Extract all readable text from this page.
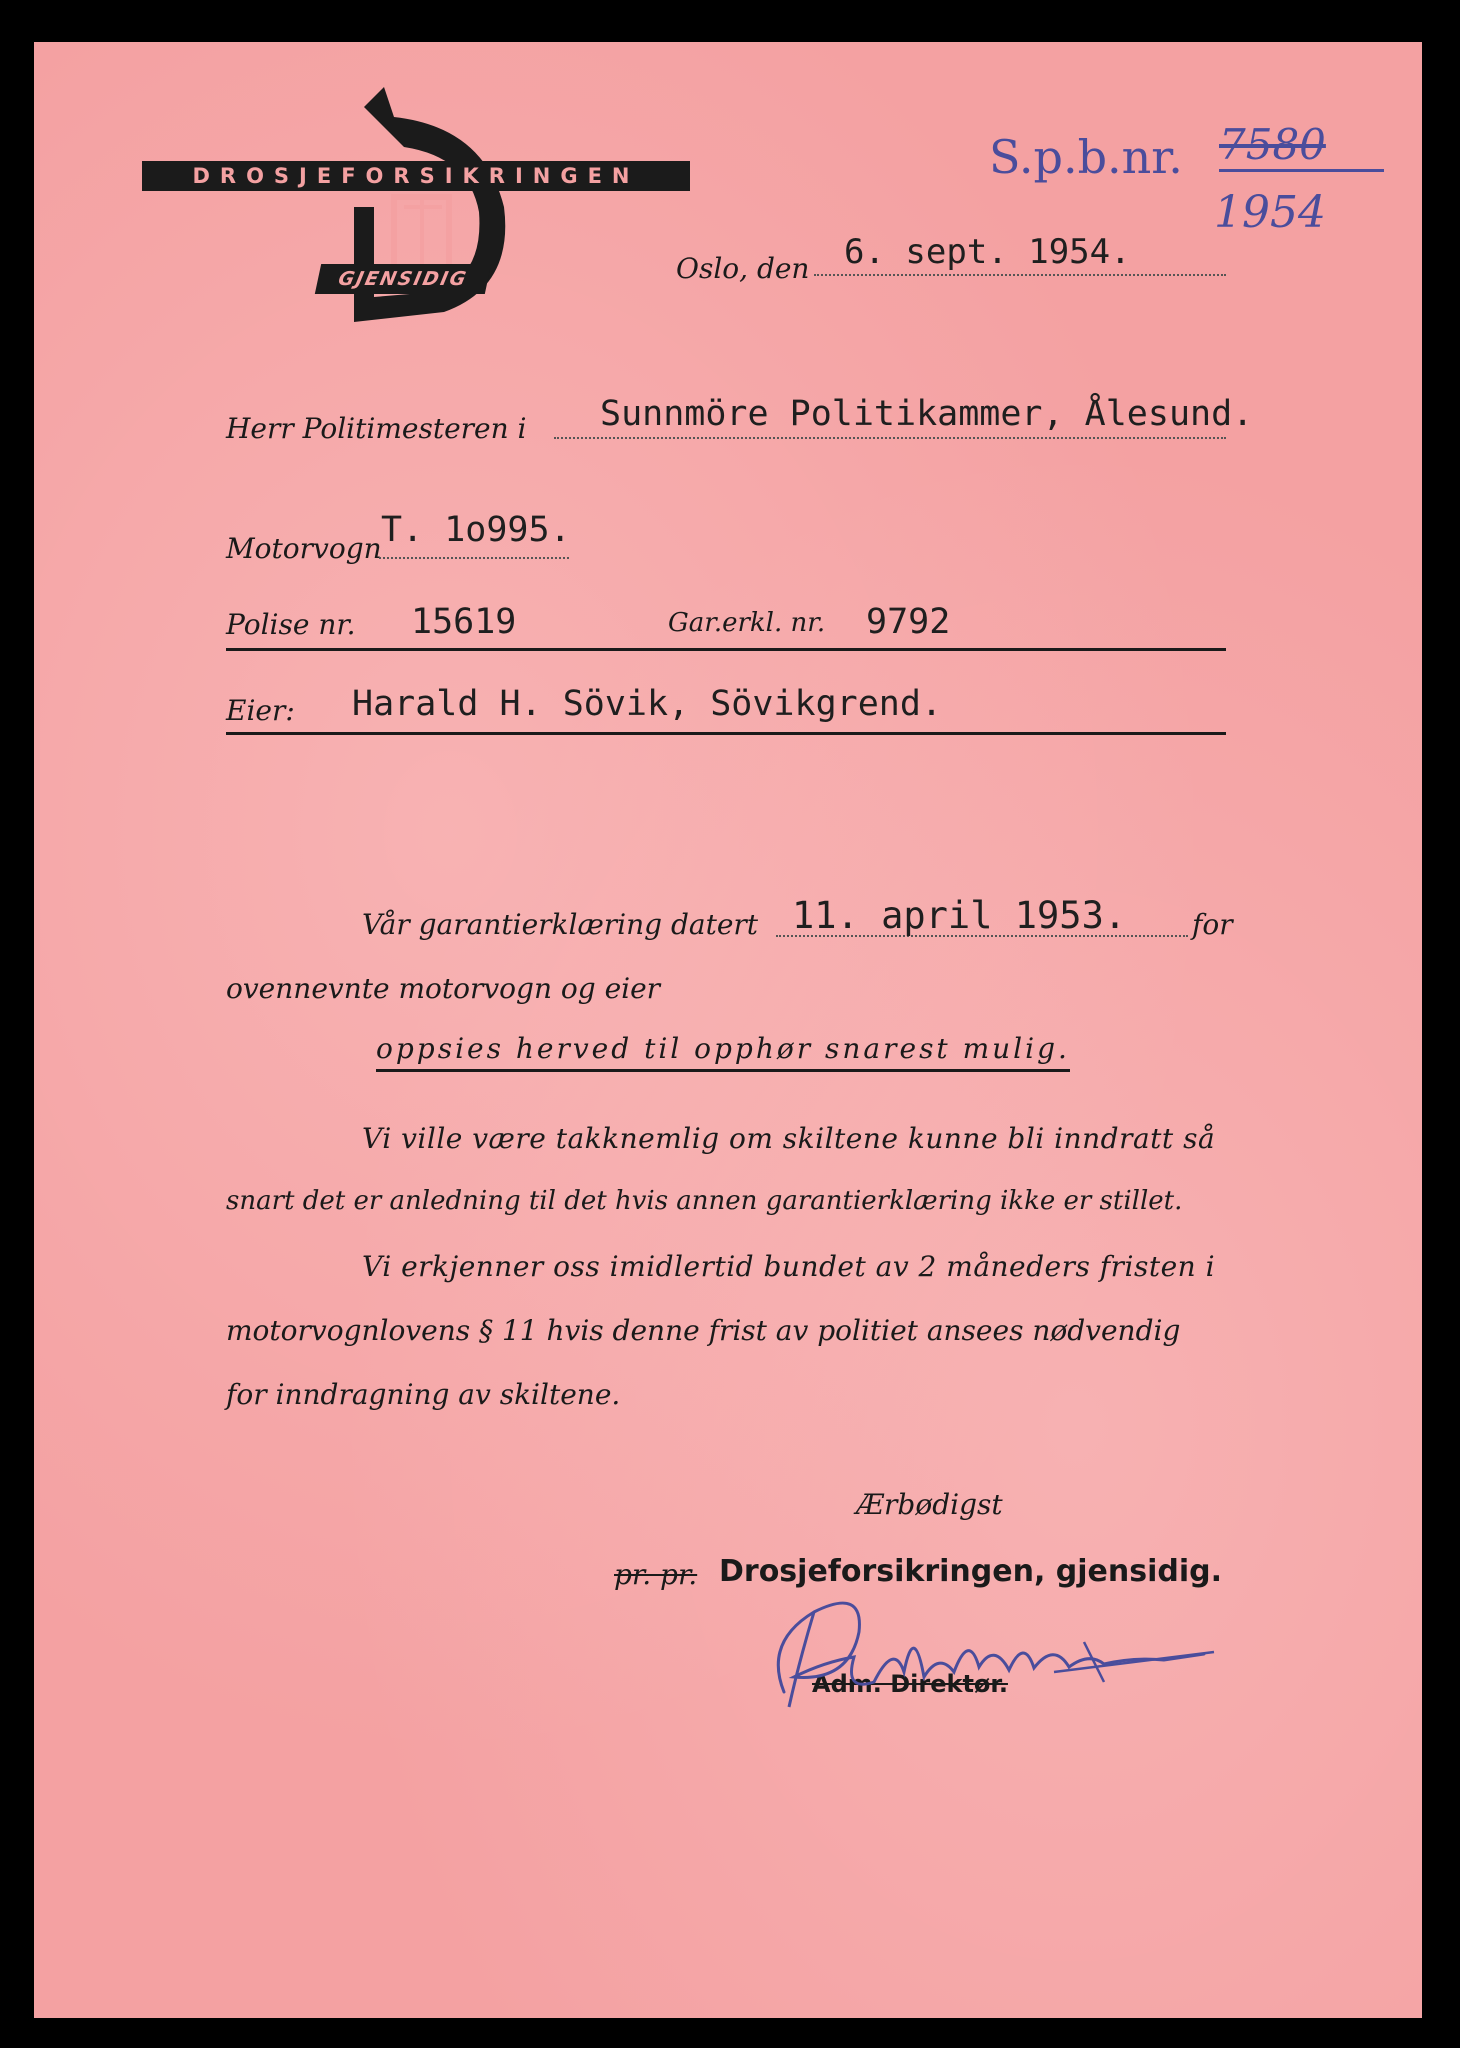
DROSJEFORSIKRINGEN
GJENSIDIG
S.p.b.nr. 7580
1954
Oslo, den 6. sept. 1954.
Herr Politimesteren i Sunnmöre Politikammer, Ålesund.
Motorvogn T. 1o995.
Polise nr. 15619	Gar.erkl. nr. 9792
Eier: Harald H. Sövik, Sövikgrend.
Vår garantierklæring datert 11. april 1953. for
ovennevnte motorvogn og eier
oppsies herved til opphør snarest mulig.
Vi ville være takknemlig om skiltene kunne bli inndratt så
snart det er anledning til det hvis annen garantierklæring ikke er stillet.
Vi erkjenner oss imidlertid bundet av 2 måneders fristen i
motorvognlovens § 11 hvis denne frist av politiet ansees nødvendig
for inndragning av skiltene.
Ærbødigst
pr. pr. Drosjeforsikringen, gjensidig.
Adm. Direktør.
